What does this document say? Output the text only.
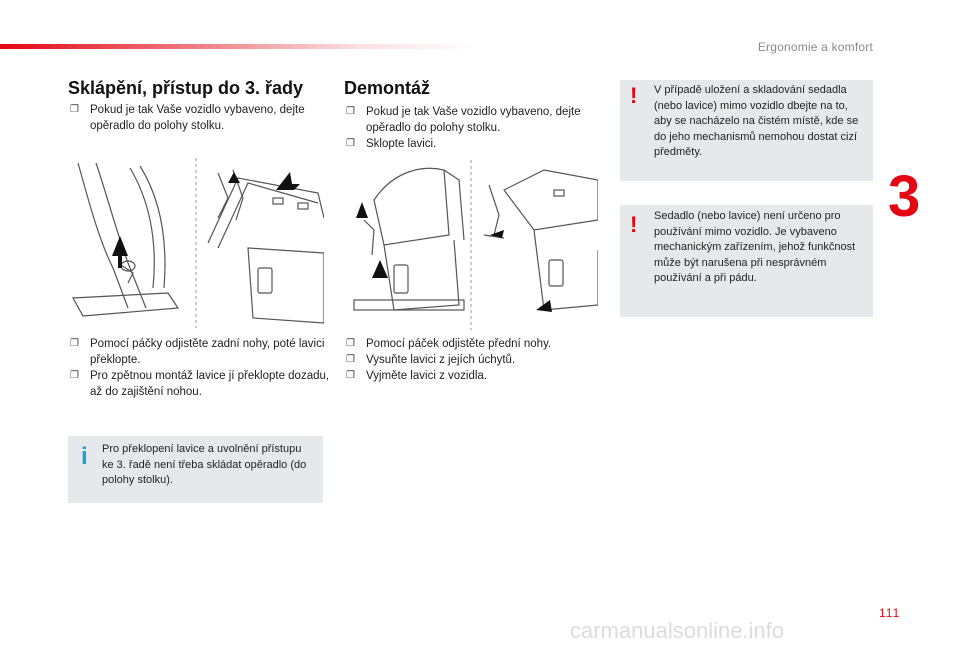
Ergonomie a komfort
3
111
Sklápění, přístup do 3. řady
❐ Pokud je tak Vaše vozidlo vybaveno, dejte opěradlo do polohy stolku.
❐ Pomocí páčky odjistěte zadní nohy, poté lavici překlopte.
❐ Pro zpětnou montáž lavice jí překlopte dozadu, až do zajištění nohou.
i Pro překlopení lavice a uvolnění přístupu ke 3. řadě není třeba skládat opěradlo (do polohy stolku).
Demontáž
❐ Pokud je tak Vaše vozidlo vybaveno, dejte opěradlo do polohy stolku.
❐ Sklopte lavici.
❐ Pomocí páček odjistěte přední nohy.
❐ Vysuňte lavici z jejích úchytů.
❐ Vyjměte lavici z vozidla.
! V případě uložení a skladování sedadla (nebo lavice) mimo vozidlo dbejte na to, aby se nacházelo na čistém místě, kde se do jeho mechanismů nemohou dostat cizí předměty.
! Sedadlo (nebo lavice) není určeno pro používání mimo vozidlo. Je vybaveno mechanickým zařízením, jehož funkčnost může být narušena při nesprávném používání a při pádu.
carmanualsonline.info
